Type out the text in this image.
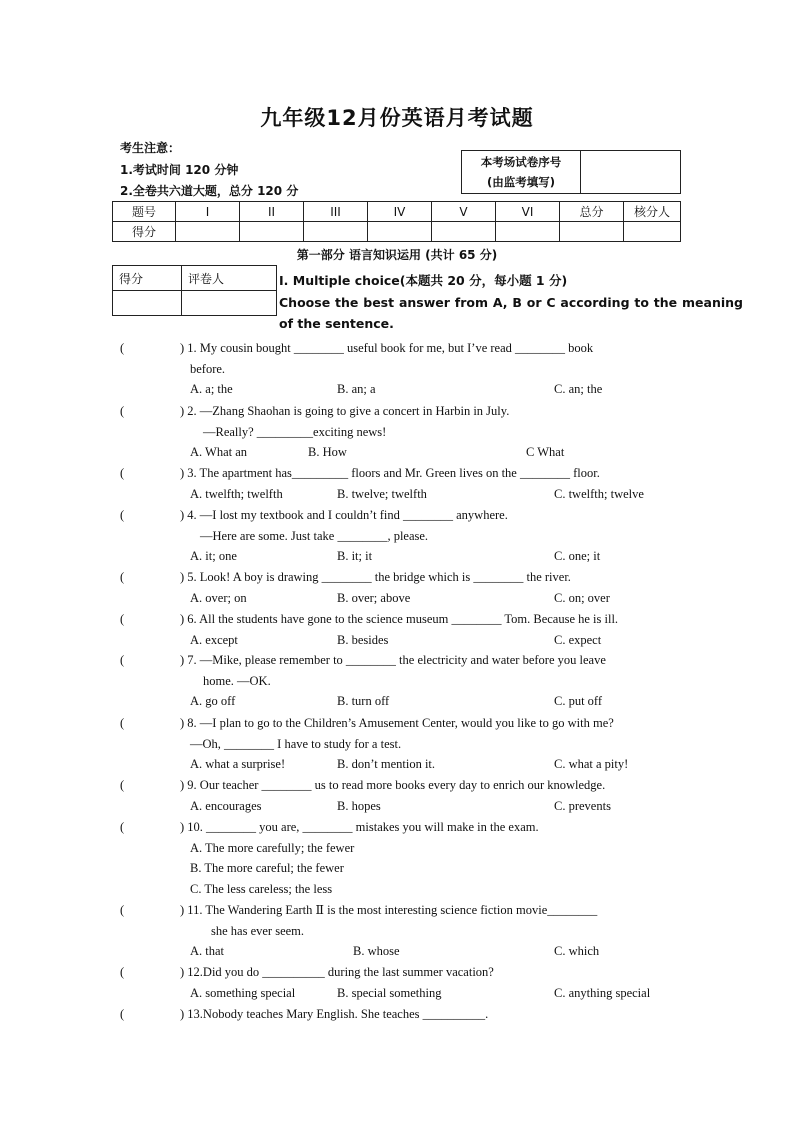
九年级12月份英语月考试题
考生注意：
1.考试时间 120 分钟
2.全卷共六道大题，总分 120 分
本考场试卷序号
(由监考填写)

题号	I	II	III	IV	V	VI	总分	核分人
得分								
第一部分 语言知识运用 (共计 65 分)
得分	评卷人
		I. Multiple choice(本题共 20 分，每小题 1 分)
Choose the best answer from A, B or C according to the meaning of the sentence.
(	) 1. My cousin bought ________ useful book for me, but I’ve read ________ book
before.
A. a; the	B. an; a	C. an; the
(	) 2. —Zhang Shaohan is going to give a concert in Harbin in July.
—Really? _________exciting news!
A. What an	B. How	C What
(	) 3. The apartment has_________ floors and Mr. Green lives on the ________ floor.
A. twelfth; twelfth	B. twelve; twelfth	C. twelfth; twelve
(	) 4. —I lost my textbook and I couldn’t find ________ anywhere.
—Here are some. Just take ________, please.
A. it; one	B. it; it	C. one; it
(	) 5. Look! A boy is drawing ________ the bridge which is ________ the river.
A. over; on	B. over; above	C. on; over
(	) 6. All the students have gone to the science museum ________ Tom. Because he is ill.
A. except	B. besides	C. expect
(	) 7. —Mike, please remember to ________ the electricity and water before you leave
home. —OK.
A. go off	B. turn off	C. put off
(	) 8. —I plan to go to the Children’s Amusement Center, would you like to go with me?
—Oh, ________ I have to study for a test.
A. what a surprise!	B. don’t mention it.	C. what a pity!
(	) 9. Our teacher ________ us to read more books every day to enrich our knowledge.
A. encourages	B. hopes	C. prevents
(	) 10. ________ you are, ________ mistakes you will make in the exam.
A. The more carefully; the fewer
B. The more careful; the fewer
C. The less careless; the less
(	) 11. The Wandering Earth Ⅱ is the most interesting science fiction movie________
she has ever seem.
A. that	B. whose	C. which
(	) 12.Did you do __________ during the last summer vacation?
A. something special	B. special something	C. anything special
(	) 13.Nobody teaches Mary English. She teaches __________.
